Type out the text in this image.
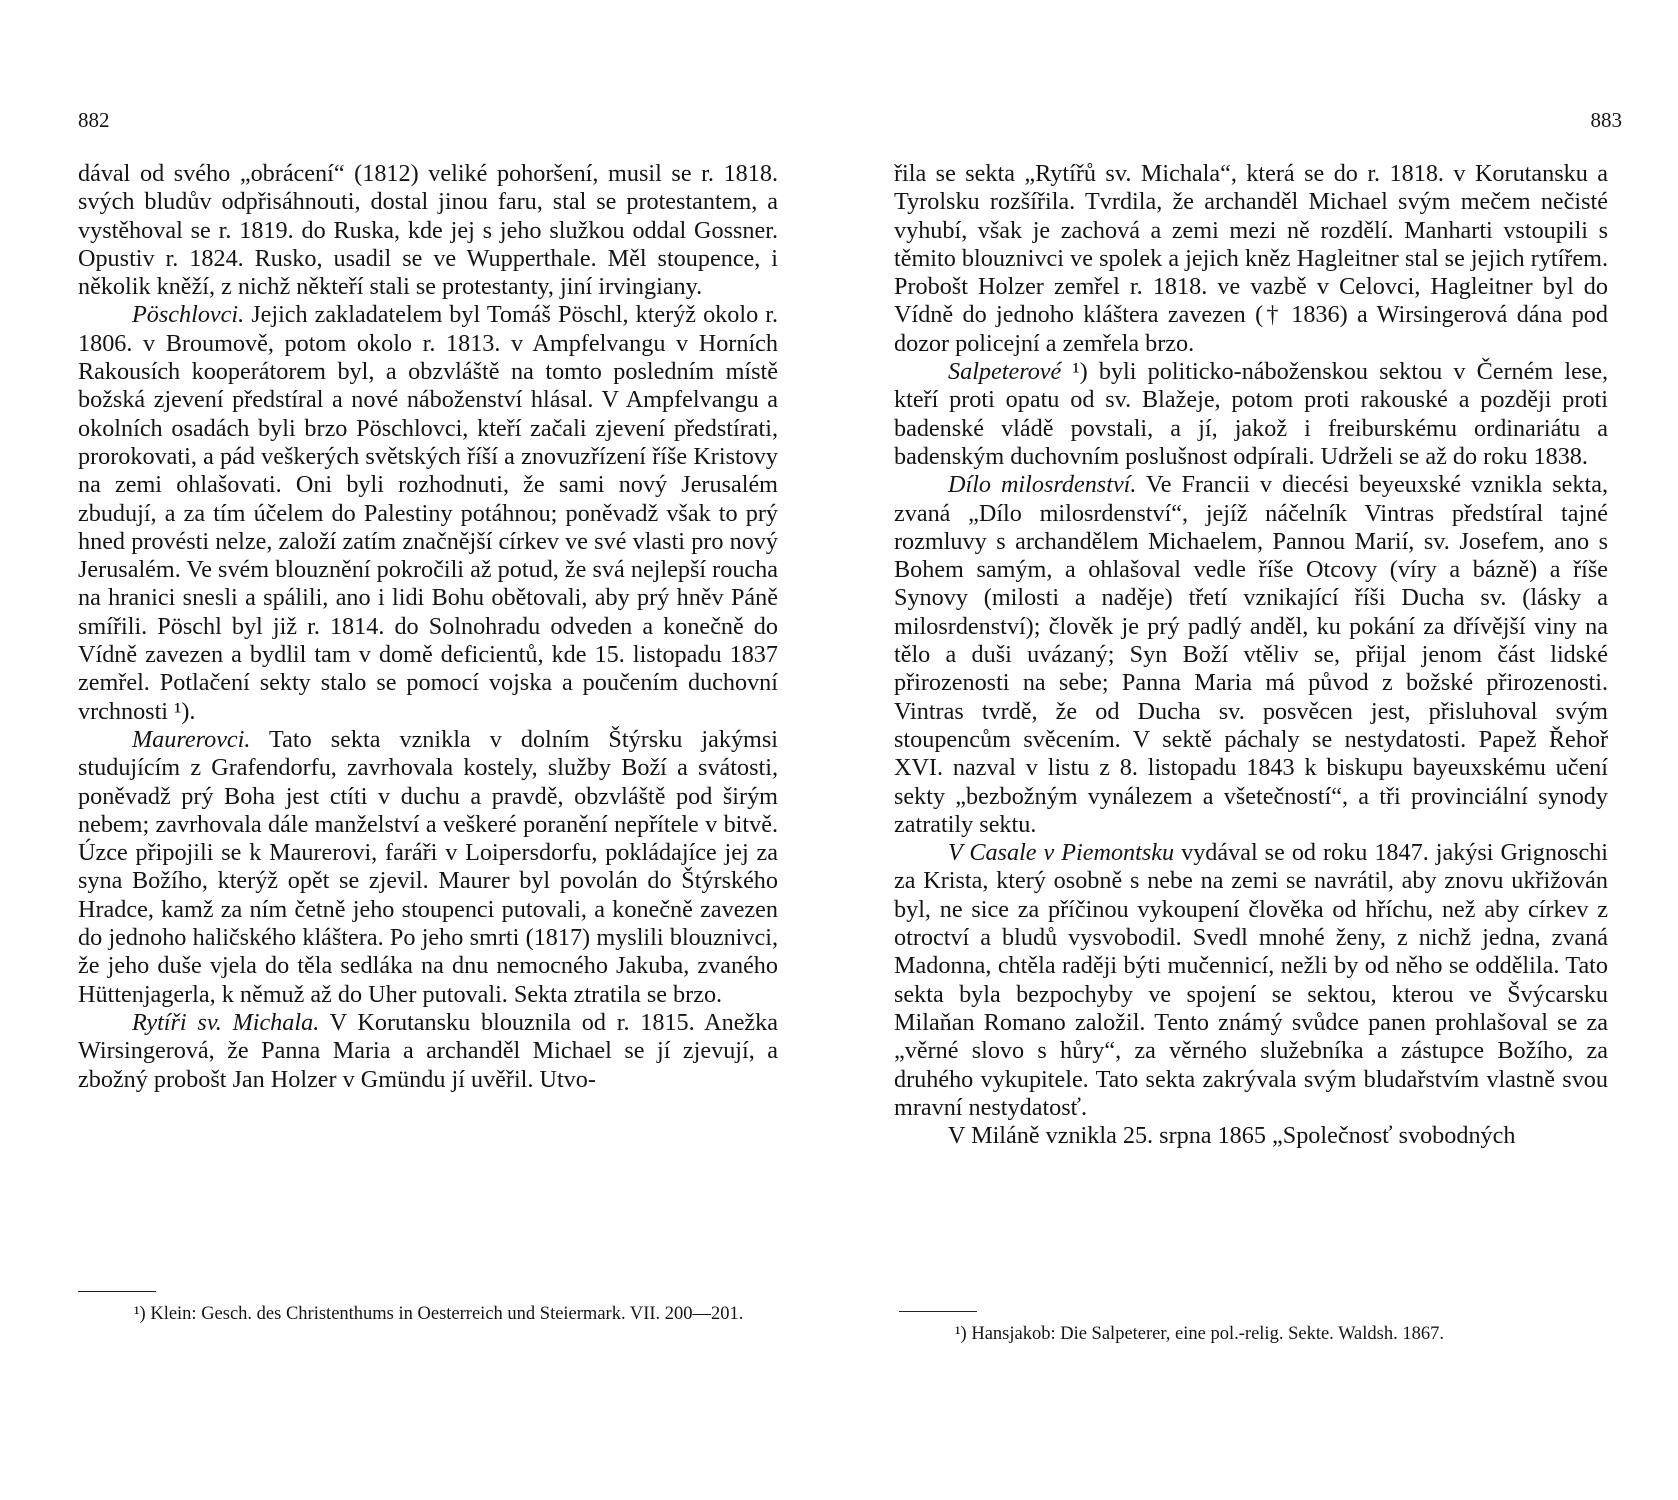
882

dával od svého „obrácení“ (1812) veliké pohoršení, musil se r. 1818. svých bludův odpřisáhnouti, dostal jinou faru, stal se protestantem, a vystěhoval se r. 1819. do Ruska, kde jej s jeho služkou oddal Gossner. Opustiv r. 1824. Rusko, usadil se ve Wupperthale. Měl stoupence, i několik kněží, z nichž někteří stali se protestanty, jiní irvingiany.

Pöschlovci. Jejich zakladatelem byl Tomáš Pöschl, kterýž okolo r. 1806. v Broumově, potom okolo r. 1813. v Ampfelvangu v Horních Rakousích kooperátorem byl, a obzvláště na tomto posledním místě božská zjevení předstíral a nové náboženství hlásal. V Ampfelvangu a okolních osadách byli brzo Pöschlovci, kteří začali zjevení předstírati, prorokovati, a pád veškerých světských říší a znovuzřízení říše Kristovy na zemi ohlašovati. Oni byli rozhodnuti, že sami nový Jerusalém zbudují, a za tím účelem do Palestiny potáhnou; poněvadž však to prý hned provésti nelze, založí zatím značnější církev ve své vlasti pro nový Jerusalém. Ve svém blouznění pokročili až potud, že svá nejlepší roucha na hranici snesli a spálili, ano i lidi Bohu obětovali, aby prý hněv Páně smířili. Pöschl byl již r. 1814. do Solnohradu odveden a konečně do Vídně zavezen a bydlil tam v domě deficientů, kde 15. listopadu 1837 zemřel. Potlačení sekty stalo se pomocí vojska a poučením duchovní vrchnosti ¹).

Maurerovci. Tato sekta vznikla v dolním Štýrsku jakýmsi studujícím z Grafendorfu, zavrhovala kostely, služby Boží a svátosti, poněvadž prý Boha jest ctíti v duchu a pravdě, obzvláště pod širým nebem; zavrhovala dále manželství a veškeré poranění nepřítele v bitvě. Úzce připojili se k Maurerovi, faráři v Loipersdorfu, pokládajíce jej za syna Božího, kterýž opět se zjevil. Maurer byl povolán do Štýrského Hradce, kamž za ním četně jeho stoupenci putovali, a konečně zavezen do jednoho haličského kláštera. Po jeho smrti (1817) myslili blouznivci, že jeho duše vjela do těla sedláka na dnu nemocného Jakuba, zvaného Hüttenjagerla, k němuž až do Uher putovali. Sekta ztratila se brzo.

Rytíři sv. Michala. V Korutansku blouznila od r. 1815. Anežka Wirsingerová, že Panna Maria a archanděl Michael se jí zjevují, a zbožný probošt Jan Holzer v Gmündu jí uvěřil. Utvo-

¹) Klein: Gesch. des Christenthums in Oesterreich und Steiermark. VII. 200—201.
883

řila se sekta „Rytířů sv. Michala“, která se do r. 1818. v Korutansku a Tyrolsku rozšířila. Tvrdila, že archanděl Michael svým mečem nečisté vyhubí, však je zachová a zemi mezi ně rozdělí. Manharti vstoupili s těmito blouznivci ve spolek a jejich kněz Hagleitner stal se jejich rytířem. Probošt Holzer zemřel r. 1818. ve vazbě v Celovci, Hagleitner byl do Vídně do jednoho kláštera zavezen († 1836) a Wirsingerová dána pod dozor policejní a zemřela brzo.

Salpeterové ¹) byli politicko-náboženskou sektou v Černém lese, kteří proti opatu od sv. Blažeje, potom proti rakouské a později proti badenské vládě povstali, a jí, jakož i freiburskému ordinariátu a badenským duchovním poslušnost odpírali. Udrželi se až do roku 1838.

Dílo milosrdenství. Ve Francii v diecési beyeuxské vznikla sekta, zvaná „Dílo milosrdenství“, jejíž náčelník Vintras předstíral tajné rozmluvy s archandělem Michaelem, Pannou Marií, sv. Josefem, ano s Bohem samým, a ohlašoval vedle říše Otcovy (víry a bázně) a říše Synovy (milosti a naděje) třetí vznikající říši Ducha sv. (lásky a milosrdenství); člověk je prý padlý anděl, ku pokání za dřívější viny na tělo a duši uvázaný; Syn Boží vtěliv se, přijal jenom část lidské přirozenosti na sebe; Panna Maria má původ z božské přirozenosti. Vintras tvrdě, že od Ducha sv. posvěcen jest, přisluhoval svým stoupencům svěcením. V sektě páchaly se nestydatosti. Papež Řehoř XVI. nazval v listu z 8. listopadu 1843 k biskupu bayeuxskému učení sekty „bezbožným vynálezem a všetečností“, a tři provinciální synody zatratily sektu.

V Casale v Piemontsku vydával se od roku 1847. jakýsi Grignoschi za Krista, který osobně s nebe na zemi se navrátil, aby znovu ukřižován byl, ne sice za příčinou vykoupení člověka od hříchu, než aby církev z otroctví a bludů vysvobodil. Svedl mnohé ženy, z nichž jedna, zvaná Madonna, chtěla raději býti mučennicí, nežli by od něho se oddělila. Tato sekta byla bezpochyby ve spojení se sektou, kterou ve Švýcarsku Milaňan Romano založil. Tento známý svůdce panen prohlašoval se za „věrné slovo s hůry“, za věrného služebníka a zástupce Božího, za druhého vykupitele. Tato sekta zakrývala svým bludařstvím vlastně svou mravní nestydatosť.

V Miláně vznikla 25. srpna 1865 „Společnosť svobodných

¹) Hansjakob: Die Salpeterer, eine pol.-relig. Sekte. Waldsh. 1867.
